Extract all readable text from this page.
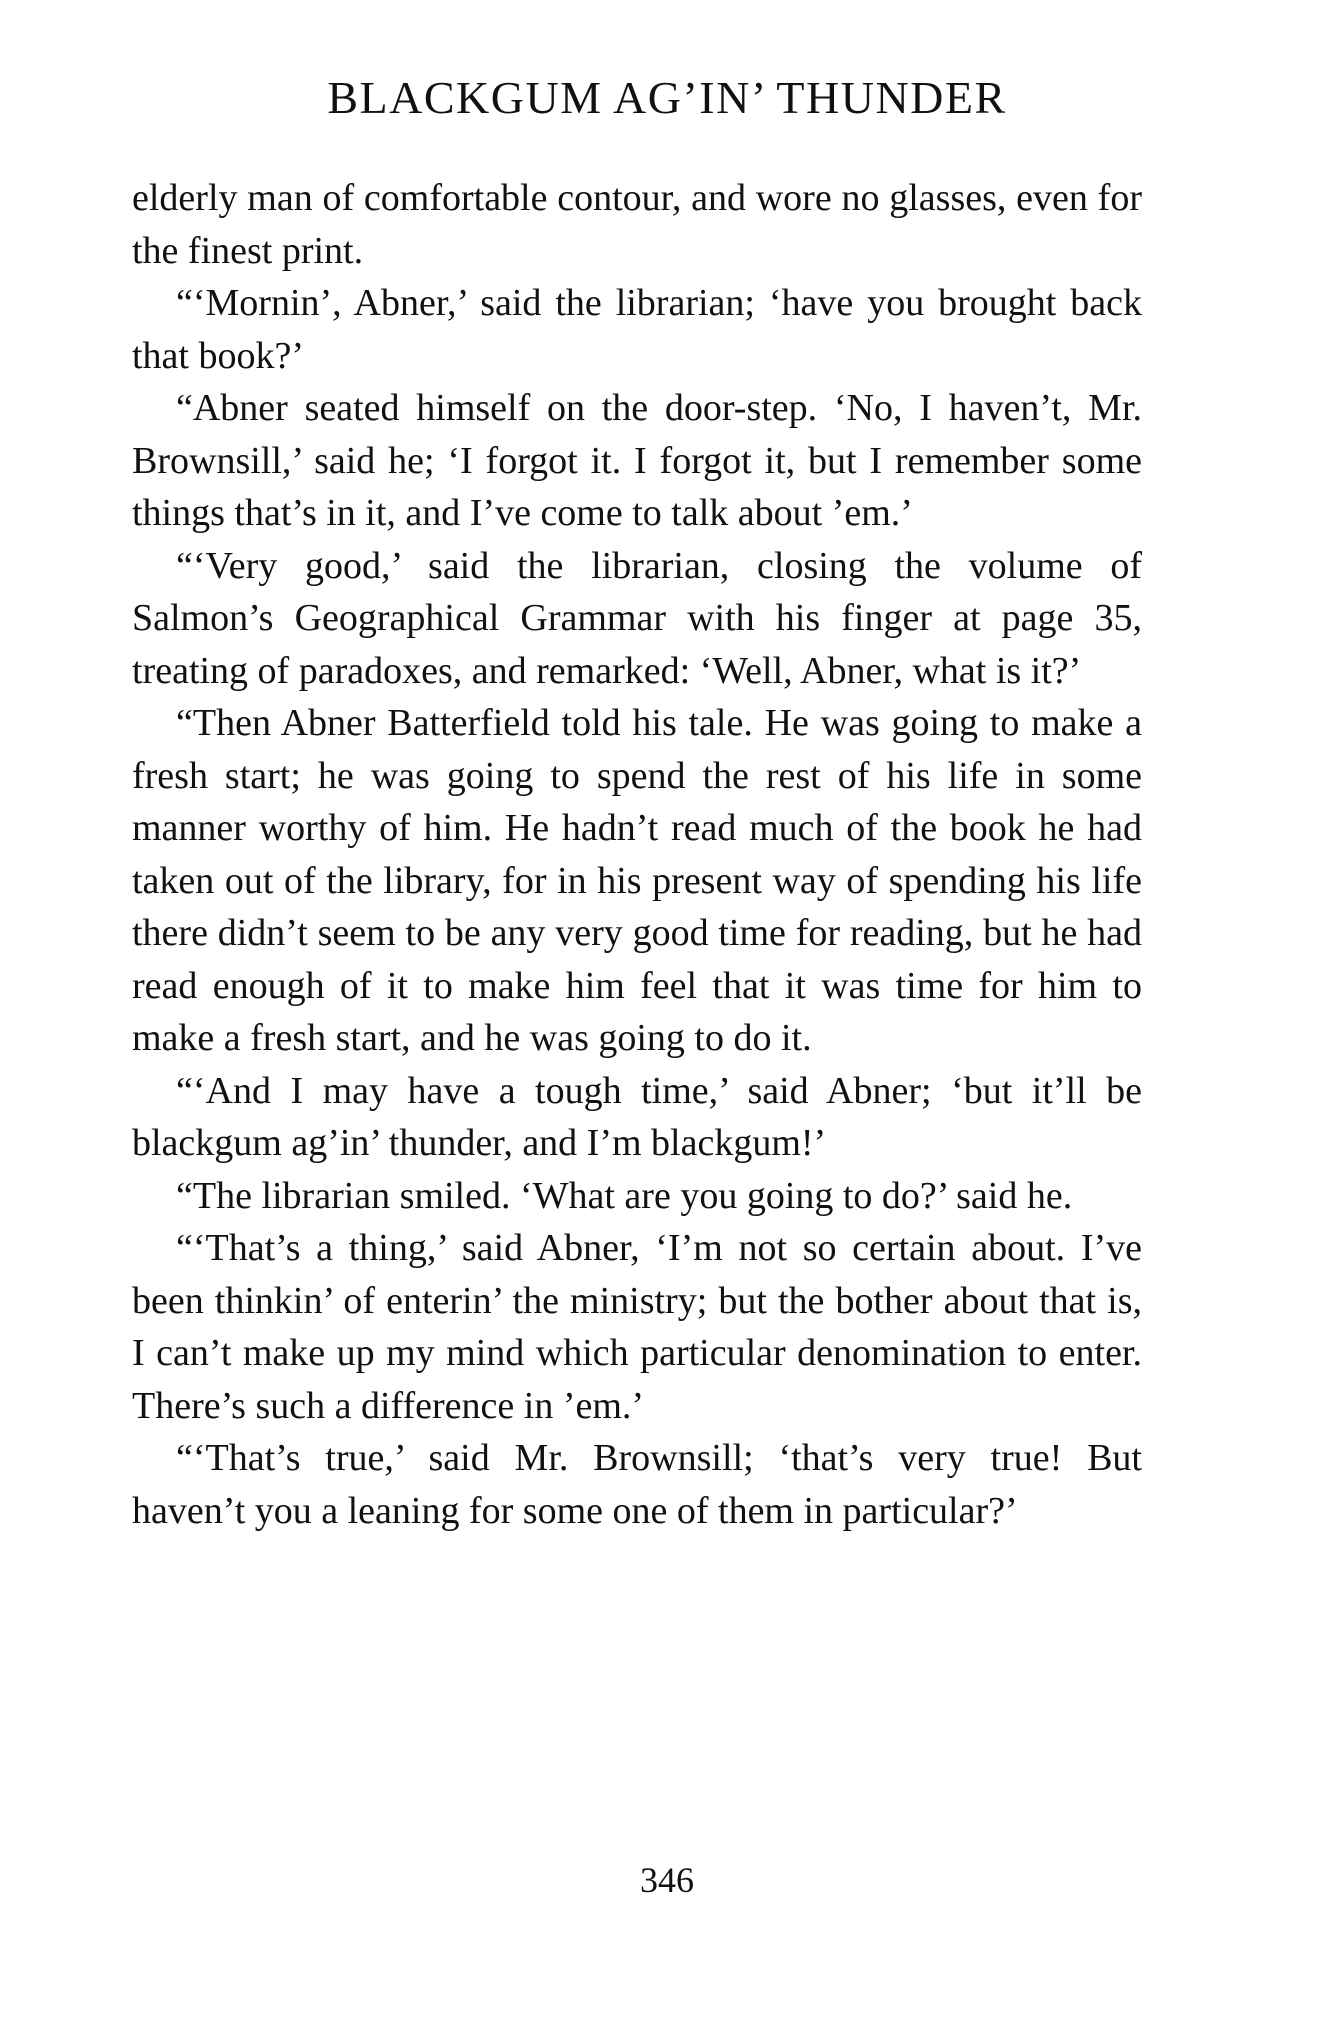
BLACKGUM AG’IN’ THUNDER

elderly man of comfortable contour, and wore no glasses, even for the finest print.

“‘Mornin’, Abner,’ said the librarian; ‘have you brought back that book?’

“Abner seated himself on the door-step. ‘No, I haven’t, Mr. Brownsill,’ said he; ‘I forgot it. I forgot it, but I remember some things that’s in it, and I’ve come to talk about ’em.’

“‘Very good,’ said the librarian, closing the volume of Salmon’s Geographical Grammar with his finger at page 35, treating of paradoxes, and remarked: ‘Well, Abner, what is it?’

“Then Abner Batterfield told his tale. He was going to make a fresh start; he was going to spend the rest of his life in some manner worthy of him. He hadn’t read much of the book he had taken out of the library, for in his present way of spending his life there didn’t seem to be any very good time for reading, but he had read enough of it to make him feel that it was time for him to make a fresh start, and he was going to do it.

“‘And I may have a tough time,’ said Abner; ‘but it’ll be blackgum ag’in’ thunder, and I’m blackgum!’

“The librarian smiled. ‘What are you going to do?’ said he.

“‘That’s a thing,’ said Abner, ‘I’m not so certain about. I’ve been thinkin’ of enterin’ the ministry; but the bother about that is, I can’t make up my mind which particular denomination to enter. There’s such a difference in ’em.’

“‘That’s true,’ said Mr. Brownsill; ‘that’s very true! But haven’t you a leaning for some one of them in particular?’

346
